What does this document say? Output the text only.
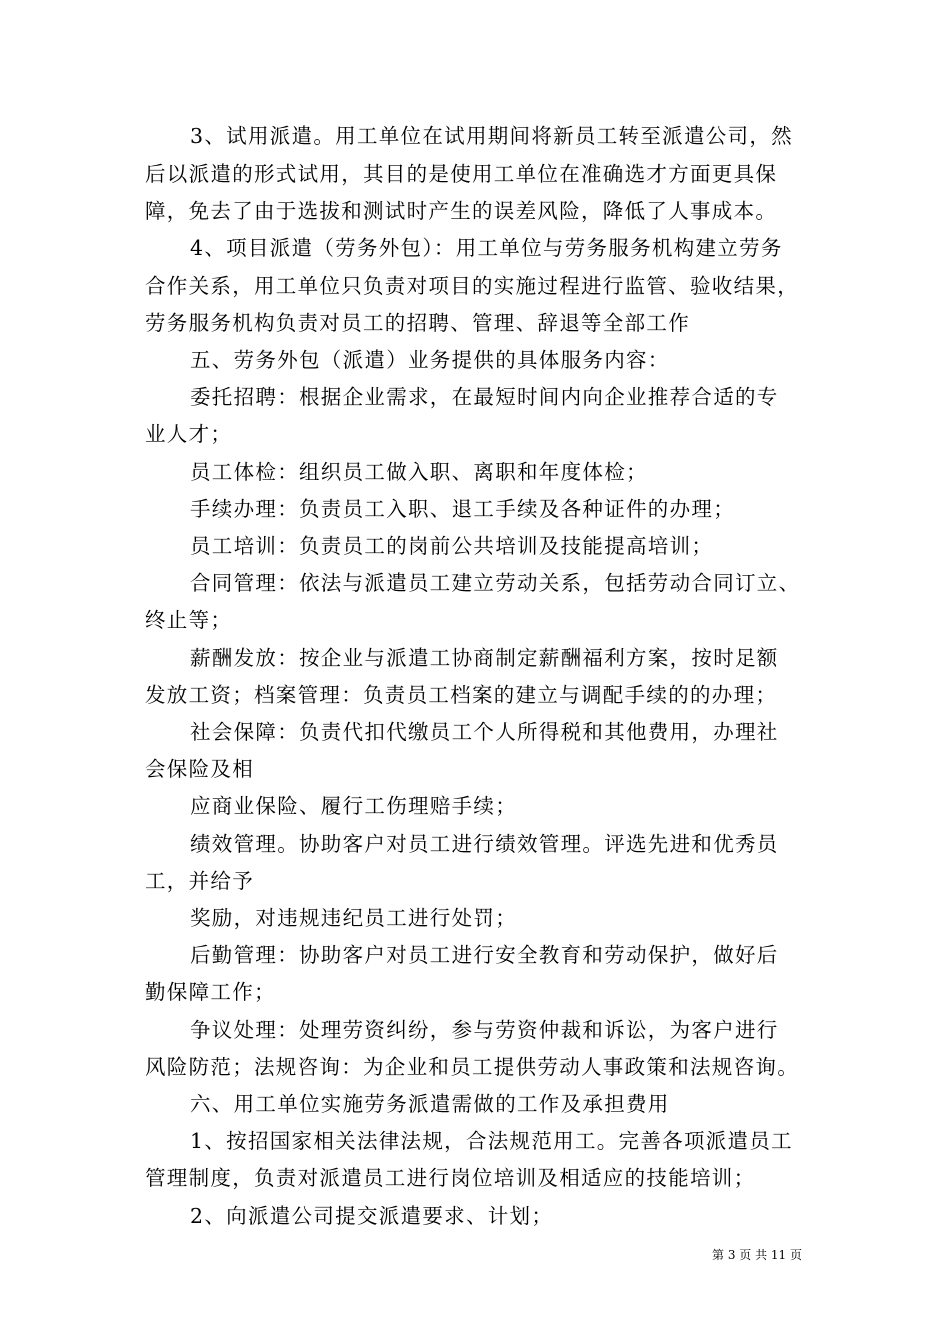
3、试用派遣。用工单位在试用期间将新员工转至派遣公司，然
后以派遣的形式试用，其目的是使用工单位在准确选才方面更具保
障，免去了由于选拔和测试时产生的误差风险，降低了人事成本。
4、项目派遣（劳务外包）：用工单位与劳务服务机构建立劳务
合作关系，用工单位只负责对项目的实施过程进行监管、验收结果，
劳务服务机构负责对员工的招聘、管理、辞退等全部工作
五、劳务外包（派遣）业务提供的具体服务内容：
委托招聘：根据企业需求，在最短时间内向企业推荐合适的专
业人才；
员工体检：组织员工做入职、离职和年度体检；
手续办理：负责员工入职、退工手续及各种证件的办理；
员工培训：负责员工的岗前公共培训及技能提高培训；
合同管理：依法与派遣员工建立劳动关系，包括劳动合同订立、
终止等；
薪酬发放：按企业与派遣工协商制定薪酬福利方案，按时足额
发放工资；档案管理：负责员工档案的建立与调配手续的的办理；
社会保障：负责代扣代缴员工个人所得税和其他费用，办理社
会保险及相
应商业保险、履行工伤理赔手续；
绩效管理。协助客户对员工进行绩效管理。评选先进和优秀员
工，并给予
奖励，对违规违纪员工进行处罚；
后勤管理：协助客户对员工进行安全教育和劳动保护，做好后
勤保障工作；
争议处理：处理劳资纠纷，参与劳资仲裁和诉讼，为客户进行
风险防范；法规咨询：为企业和员工提供劳动人事政策和法规咨询。
六、用工单位实施劳务派遣需做的工作及承担费用
1、按招国家相关法律法规，合法规范用工。完善各项派遣员工
管理制度，负责对派遣员工进行岗位培训及相适应的技能培训；
2、向派遣公司提交派遣要求、计划；
第 3 页 共 11 页
